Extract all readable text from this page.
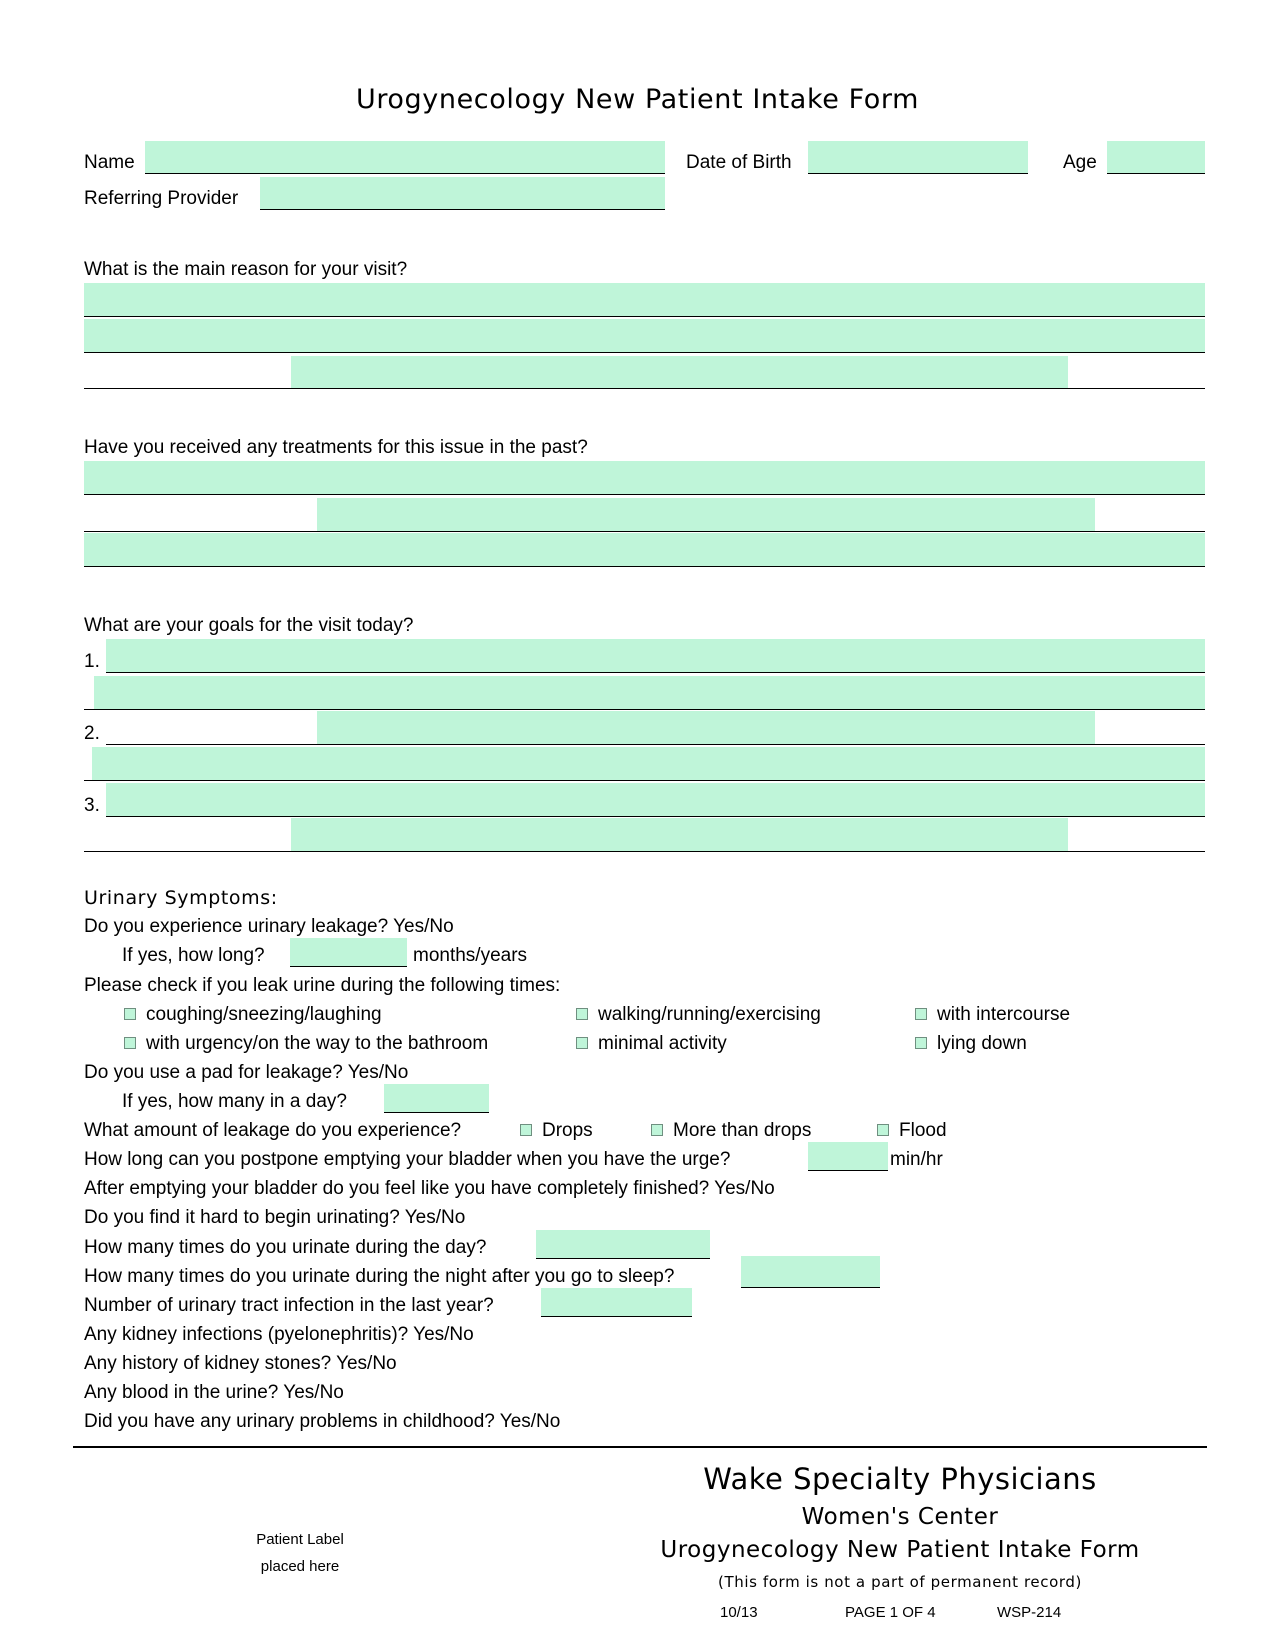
Urogynecology New Patient Intake Form
Name	Date of Birth	Age
Referring Provider
What is the main reason for your visit?
Have you received any treatments for this issue in the past?
What are your goals for the visit today?
1.
2.
3.
Urinary Symptoms:
Do you experience urinary leakage? Yes/No
If yes, how long?	months/years
Please check if you leak urine during the following times:
coughing/sneezing/laughing	walking/running/exercising	with intercourse
with urgency/on the way to the bathroom	minimal activity	lying down
Do you use a pad for leakage? Yes/No
If yes, how many in a day?
What amount of leakage do you experience?	Drops	More than drops	Flood
How long can you postpone emptying your bladder when you have the urge?	min/hr
After emptying your bladder do you feel like you have completely finished? Yes/No
Do you find it hard to begin urinating? Yes/No
How many times do you urinate during the day?
How many times do you urinate during the night after you go to sleep?
Number of urinary tract infection in the last year?
Any kidney infections (pyelonephritis)? Yes/No
Any history of kidney stones? Yes/No
Any blood in the urine? Yes/No
Did you have any urinary problems in childhood? Yes/No
Patient Label
placed here
Wake Specialty Physicians
Women's Center
Urogynecology New Patient Intake Form
(This form is not a part of permanent record)
10/13	PAGE 1 OF 4	WSP-214
